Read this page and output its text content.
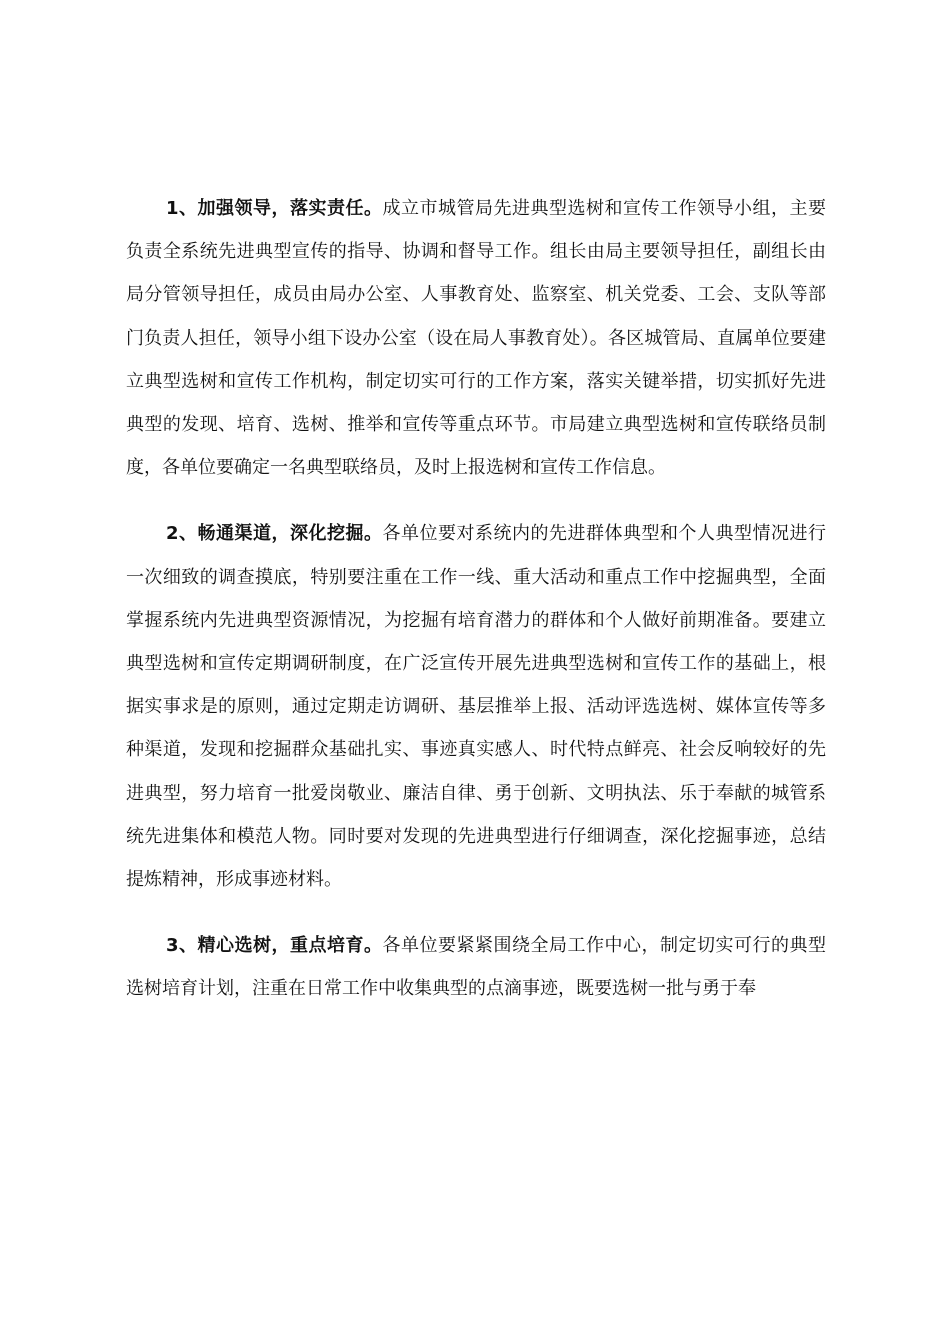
1、加强领导，落实责任。成立市城管局先进典型选树和宣传工作领导小组，主要负责全系统先进典型宣传的指导、协调和督导工作。组长由局主要领导担任，副组长由局分管领导担任，成员由局办公室、人事教育处、监察室、机关党委、工会、支队等部门负责人担任，领导小组下设办公室（设在局人事教育处）。各区城管局、直属单位要建立典型选树和宣传工作机构，制定切实可行的工作方案，落实关键举措，切实抓好先进典型的发现、培育、选树、推举和宣传等重点环节。市局建立典型选树和宣传联络员制度，各单位要确定一名典型联络员，及时上报选树和宣传工作信息。

2、畅通渠道，深化挖掘。各单位要对系统内的先进群体典型和个人典型情况进行一次细致的调查摸底，特别要注重在工作一线、重大活动和重点工作中挖掘典型，全面掌握系统内先进典型资源情况，为挖掘有培育潜力的群体和个人做好前期准备。要建立典型选树和宣传定期调研制度，在广泛宣传开展先进典型选树和宣传工作的基础上，根据实事求是的原则，通过定期走访调研、基层推举上报、活动评选选树、媒体宣传等多种渠道，发现和挖掘群众基础扎实、事迹真实感人、时代特点鲜亮、社会反响较好的先进典型，努力培育一批爱岗敬业、廉洁自律、勇于创新、文明执法、乐于奉献的城管系统先进集体和模范人物。同时要对发现的先进典型进行仔细调查，深化挖掘事迹，总结提炼精神，形成事迹材料。

3、精心选树，重点培育。各单位要紧紧围绕全局工作中心，制定切实可行的典型选树培育计划，注重在日常工作中收集典型的点滴事迹，既要选树一批与勇于奉
